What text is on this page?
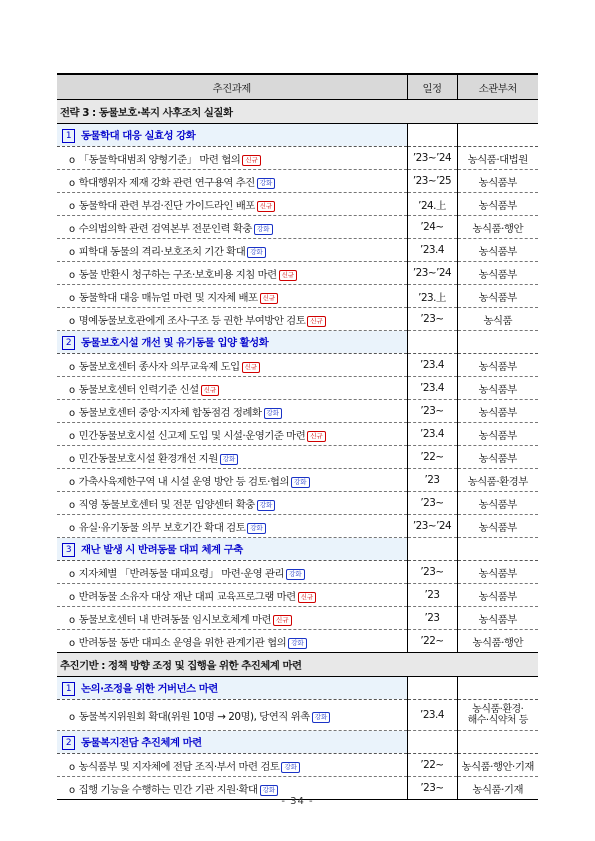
추진과제	일정	소관부처
전략 3 : 동물보호·복지 사후조치 실질화		
1 동물학대 대응 실효성 강화		
o 「동물학대범죄 양형기준」 마련 협의 신규	’23~’24	농식품·대법원
o 학대행위자 제재 강화 관련 연구용역 추진 강화	’23~’25	농식품부
o 동물학대 관련 부검·진단 가이드라인 배포 신규	’24.上	농식품부
o 수의법의학 관련 검역본부 전문인력 확충 강화	’24~	농식품·행안
o 피학대 동물의 격리·보호조치 기간 확대 강화	’23.4	농식품부
o 동물 반환시 청구하는 구조·보호비용 지침 마련 신규	’23~’24	농식품부
o 동물학대 대응 매뉴얼 마련 및 지자체 배포 신규	’23.上	농식품부
o 명예동물보호관에게 조사·구조 등 권한 부여방안 검토 신규	’23~	농식품
2 동물보호시설 개선 및 유기동물 입양 활성화		
o 동물보호센터 종사자 의무교육제 도입 신규	’23.4	농식품부
o 동물보호센터 인력기준 신설 신규	’23.4	농식품부
o 동물보호센터 중앙·지자체 합동점검 정례화 강화	’23~	농식품부
o 민간동물보호시설 신고제 도입 및 시설·운영기준 마련 신규	’23.4	농식품부
o 민간동물보호시설 환경개선 지원 강화	’22~	농식품부
o 가축사육제한구역 내 시설 운영 방안 등 검토·협의 강화	’23	농식품·환경부
o 직영 동물보호센터 및 전문 입양센터 확충 강화	’23~	농식품부
o 유실·유기동물 의무 보호기간 확대 검토 강화	’23~’24	농식품부
3 재난 발생 시 반려동물 대피 체계 구축		
o 지자체별 「반려동물 대피요령」 마련·운영 관리 강화	’23~	농식품부
o 반려동물 소유자 대상 재난 대피 교육프로그램 마련 신규	’23	농식품부
o 동물보호센터 내 반려동물 임시보호체계 마련 신규	’23	농식품부
o 반려동물 동반 대피소 운영을 위한 관계기관 협의 강화	’22~	농식품·행안
추진기반 : 정책 방향 조정 및 집행을 위한 추진체계 마련		
1 논의·조정을 위한 거버넌스 마련		
o 동물복지위원회 확대(위원 10명 → 20명), 당연직 위촉 강화	’23.4	농식품·환경·
해수·식약처 등

2 동물복지전담 추진체계 마련		
o 농식품부 및 지자체에 전담 조직·부서 마련 검토 강화	’22~	농식품·행안·기재
o 집행 기능을 수행하는 민간 기관 지원·확대 강화	’23~	농식품·기재
- 34 -
